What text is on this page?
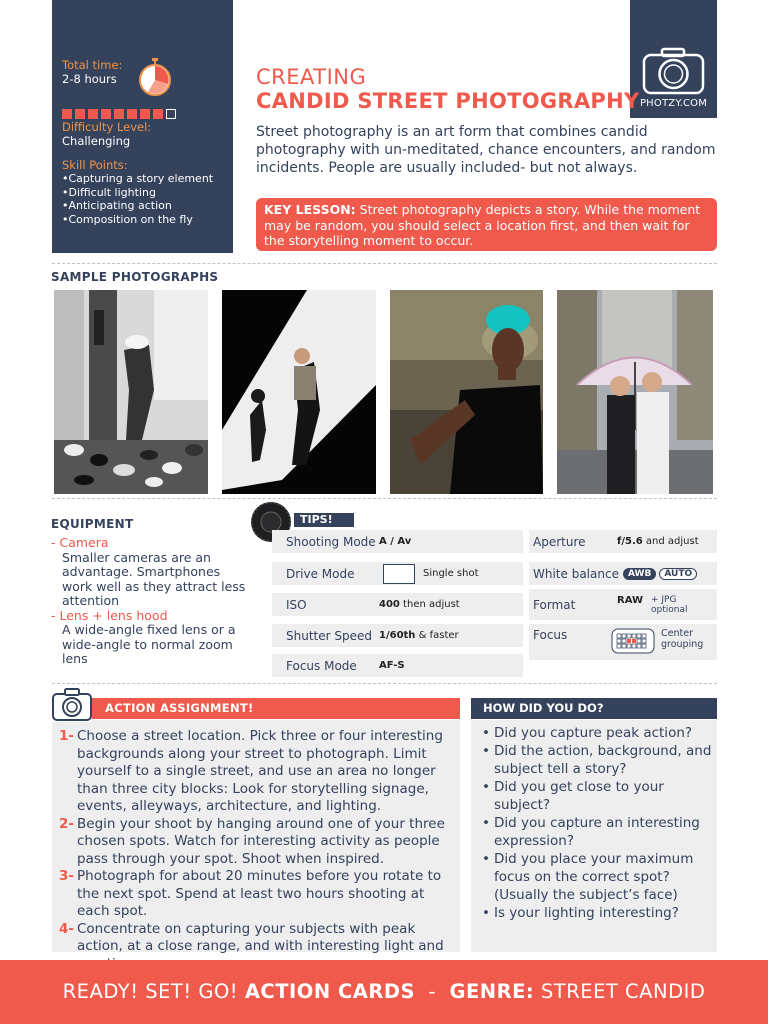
Total time:
2-8 hours
Difficulty Level:
Challenging
Skill Points:
•Capturing a story element
•Difficult lighting
•Anticipating action
•Composition on the fly
PHOTZY.COM
CREATING
CANDID STREET PHOTOGRAPHY
Street photography is an art form that combines candid photography with un-meditated, chance encounters, and random incidents. People are usually included- but not always.
KEY LESSON: Street photography depicts a story. While the moment may be random, you should select a location first, and then wait for the storytelling moment to occur.
SAMPLE PHOTOGRAPHS
EQUIPMENT
- Camera
Smaller cameras are an advantage. Smartphones work well as they attract less attention
- Lens + lens hood
A wide-angle fixed lens or a wide-angle to normal zoom lens
TIPS!
Shooting Mode A / Av
Drive Mode	Single shot
ISO	400 then adjust
Shutter Speed 1/60th & faster
Focus Mode	AF-S
Aperture	f/5.6 and adjust
White balance	AWB	AUTO
Format	RAW + JPG
optional
Focus	Center
grouping
ACTION ASSIGNMENT!
1- Choose a street location. Pick three or four interesting backgrounds along your street to photograph. Limit yourself to a single street, and use an area no longer than three city blocks: Look for storytelling signage, events, alleyways, architecture, and lighting.
2- Begin your shoot by hanging around one of your three chosen spots. Watch for interesting activity as people pass through your spot. Shoot when inspired.
3- Photograph for about 20 minutes before you rotate to the next spot. Spend at least two hours shooting at each spot.
4- Concentrate on capturing your subjects with peak action, at a close range, and with interesting light and
HOW DID YOU DO?
• Did you capture peak action?
• Did the action, background, and subject tell a story?
• Did you get close to your subject?
• Did you capture an interesting expression?
• Did you place your maximum focus on the correct spot? (Usually the subject’s face)
• Is your lighting interesting?
READY! SET! GO! ACTION CARDS  -  GENRE: STREET CANDID
